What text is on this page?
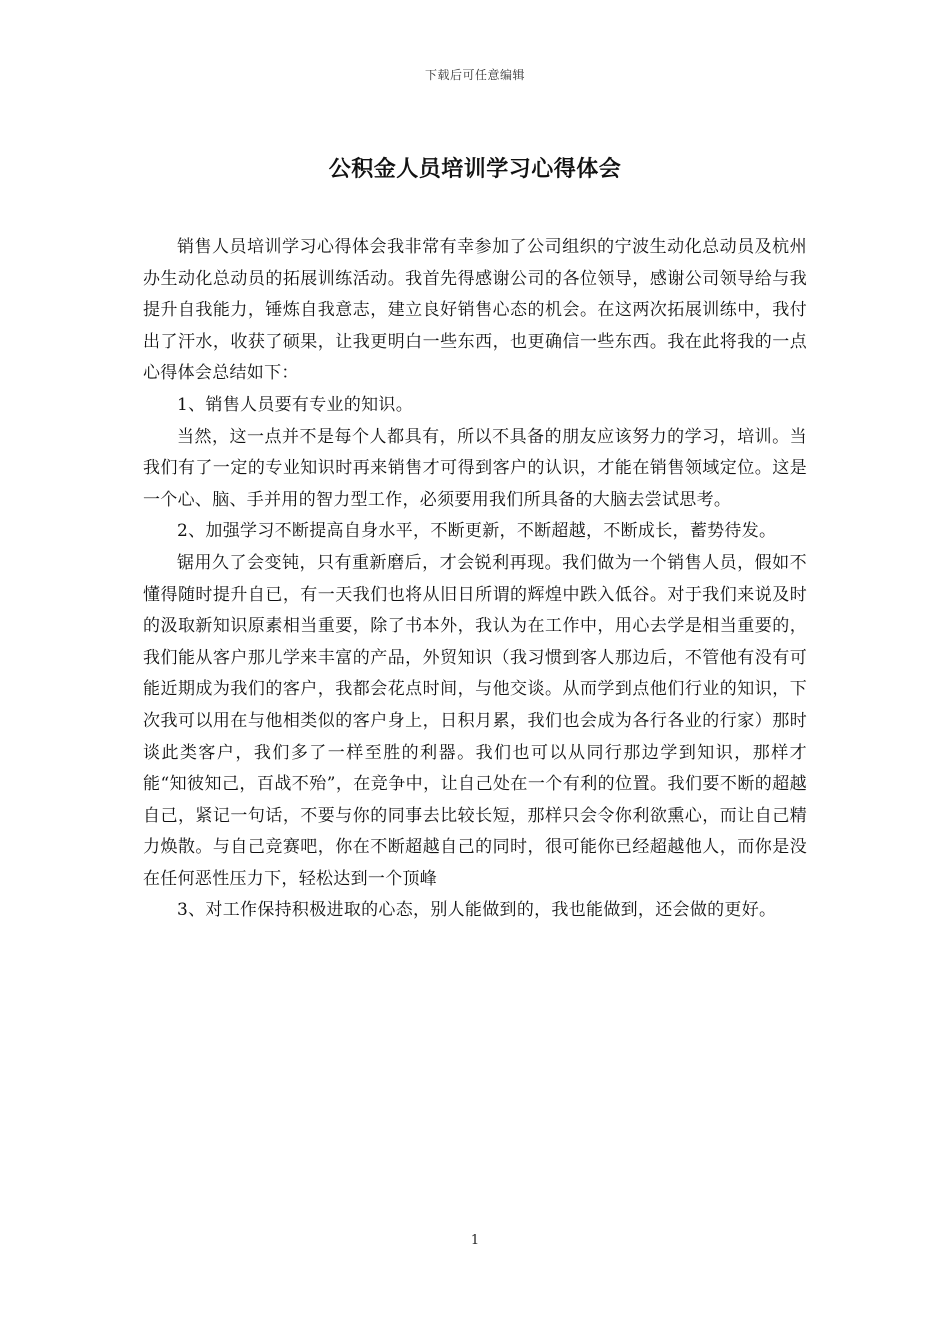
下载后可任意编辑
公积金人员培训学习心得体会

销售人员培训学习心得体会我非常有幸参加了公司组织的宁波生动化总动员及杭州办生动化总动员的拓展训练活动。我首先得感谢公司的各位领导，感谢公司领导给与我提升自我能力，锤炼自我意志，建立良好销售心态的机会。在这两次拓展训练中，我付出了汗水，收获了硕果，让我更明白一些东西，也更确信一些东西。我在此将我的一点心得体会总结如下：

1、销售人员要有专业的知识。

当然，这一点并不是每个人都具有，所以不具备的朋友应该努力的学习，培训。当我们有了一定的专业知识时再来销售才可得到客户的认识，才能在销售领域定位。这是一个心、脑、手并用的智力型工作，必须要用我们所具备的大脑去尝试思考。

2、加强学习不断提高自身水平，不断更新，不断超越，不断成长，蓄势待发。

锯用久了会变钝，只有重新磨后，才会锐利再现。我们做为一个销售人员，假如不懂得随时提升自已，有一天我们也将从旧日所谓的辉煌中跌入低谷。对于我们来说及时的汲取新知识原素相当重要，除了书本外，我认为在工作中，用心去学是相当重要的，我们能从客户那儿学来丰富的产品，外贸知识（我习惯到客人那边后，不管他有没有可能近期成为我们的客户，我都会花点时间，与他交谈。从而学到点他们行业的知识，下次我可以用在与他相类似的客户身上，日积月累，我们也会成为各行各业的行家）那时谈此类客户，我们多了一样至胜的利器。我们也可以从同行那边学到知识，那样才能“知彼知己，百战不殆”，在竞争中，让自己处在一个有利的位置。我们要不断的超越自己，紧记一句话，不要与你的同事去比较长短，那样只会令你利欲熏心，而让自己精力焕散。与自己竞赛吧，你在不断超越自己的同时，很可能你已经超越他人，而你是没在任何恶性压力下，轻松达到一个顶峰

3、对工作保持积极进取的心态，别人能做到的，我也能做到，还会做的更好。

1
